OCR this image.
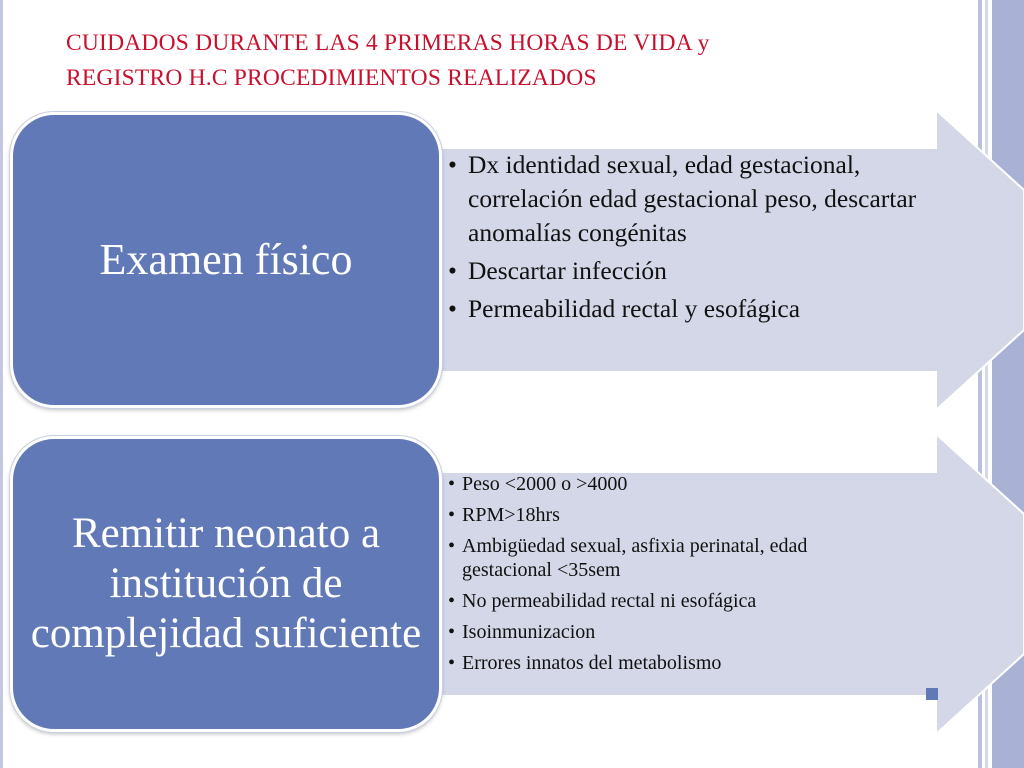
CUIDADOS DURANTE LAS 4 PRIMERAS HORAS DE VIDA y
REGISTRO H.C PROCEDIMIENTOS REALIZADOS
Examen físico
• Dx identidad sexual, edad gestacional, correlación edad gestacional peso, descartar anomalías congénitas
• Descartar infección
• Permeabilidad rectal y esofágica
Remitir neonato a institución de complejidad suficiente
• Peso <2000 o >4000
• RPM>18hrs
• Ambigüedad sexual, asfixia perinatal, edad gestacional <35sem
• No permeabilidad rectal ni esofágica
• Isoinmunizacion
• Errores innatos del metabolismo
